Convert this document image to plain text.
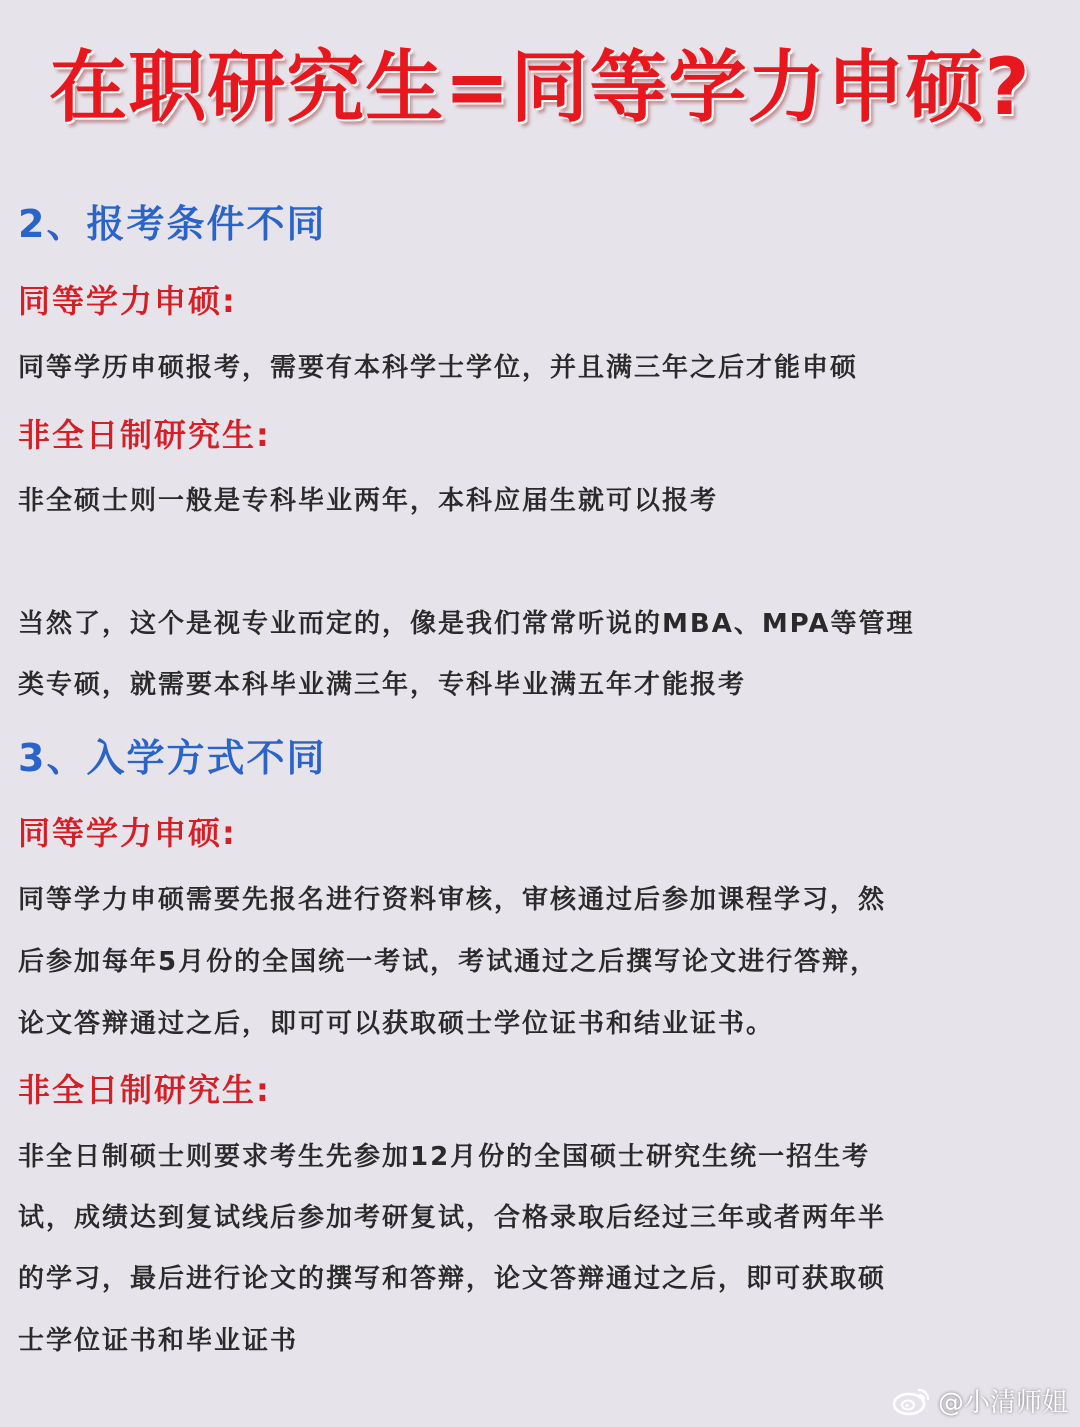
在职研究生=同等学力申硕?
2、报考条件不同
同等学力申硕:
同等学历申硕报考，需要有本科学士学位，并且满三年之后才能申硕
非全日制研究生:
非全硕士则一般是专科毕业两年，本科应届生就可以报考
当然了，这个是视专业而定的，像是我们常常听说的MBA、MPA等管理
类专硕，就需要本科毕业满三年，专科毕业满五年才能报考
3、入学方式不同
同等学力申硕:
同等学力申硕需要先报名进行资料审核，审核通过后参加课程学习，然
后参加每年5月份的全国统一考试，考试通过之后撰写论文进行答辩，
论文答辩通过之后，即可可以获取硕士学位证书和结业证书。
非全日制研究生:
非全日制硕士则要求考生先参加12月份的全国硕士研究生统一招生考
试，成绩达到复试线后参加考研复试，合格录取后经过三年或者两年半
的学习，最后进行论文的撰写和答辩，论文答辩通过之后，即可获取硕
士学位证书和毕业证书
@小清师姐
